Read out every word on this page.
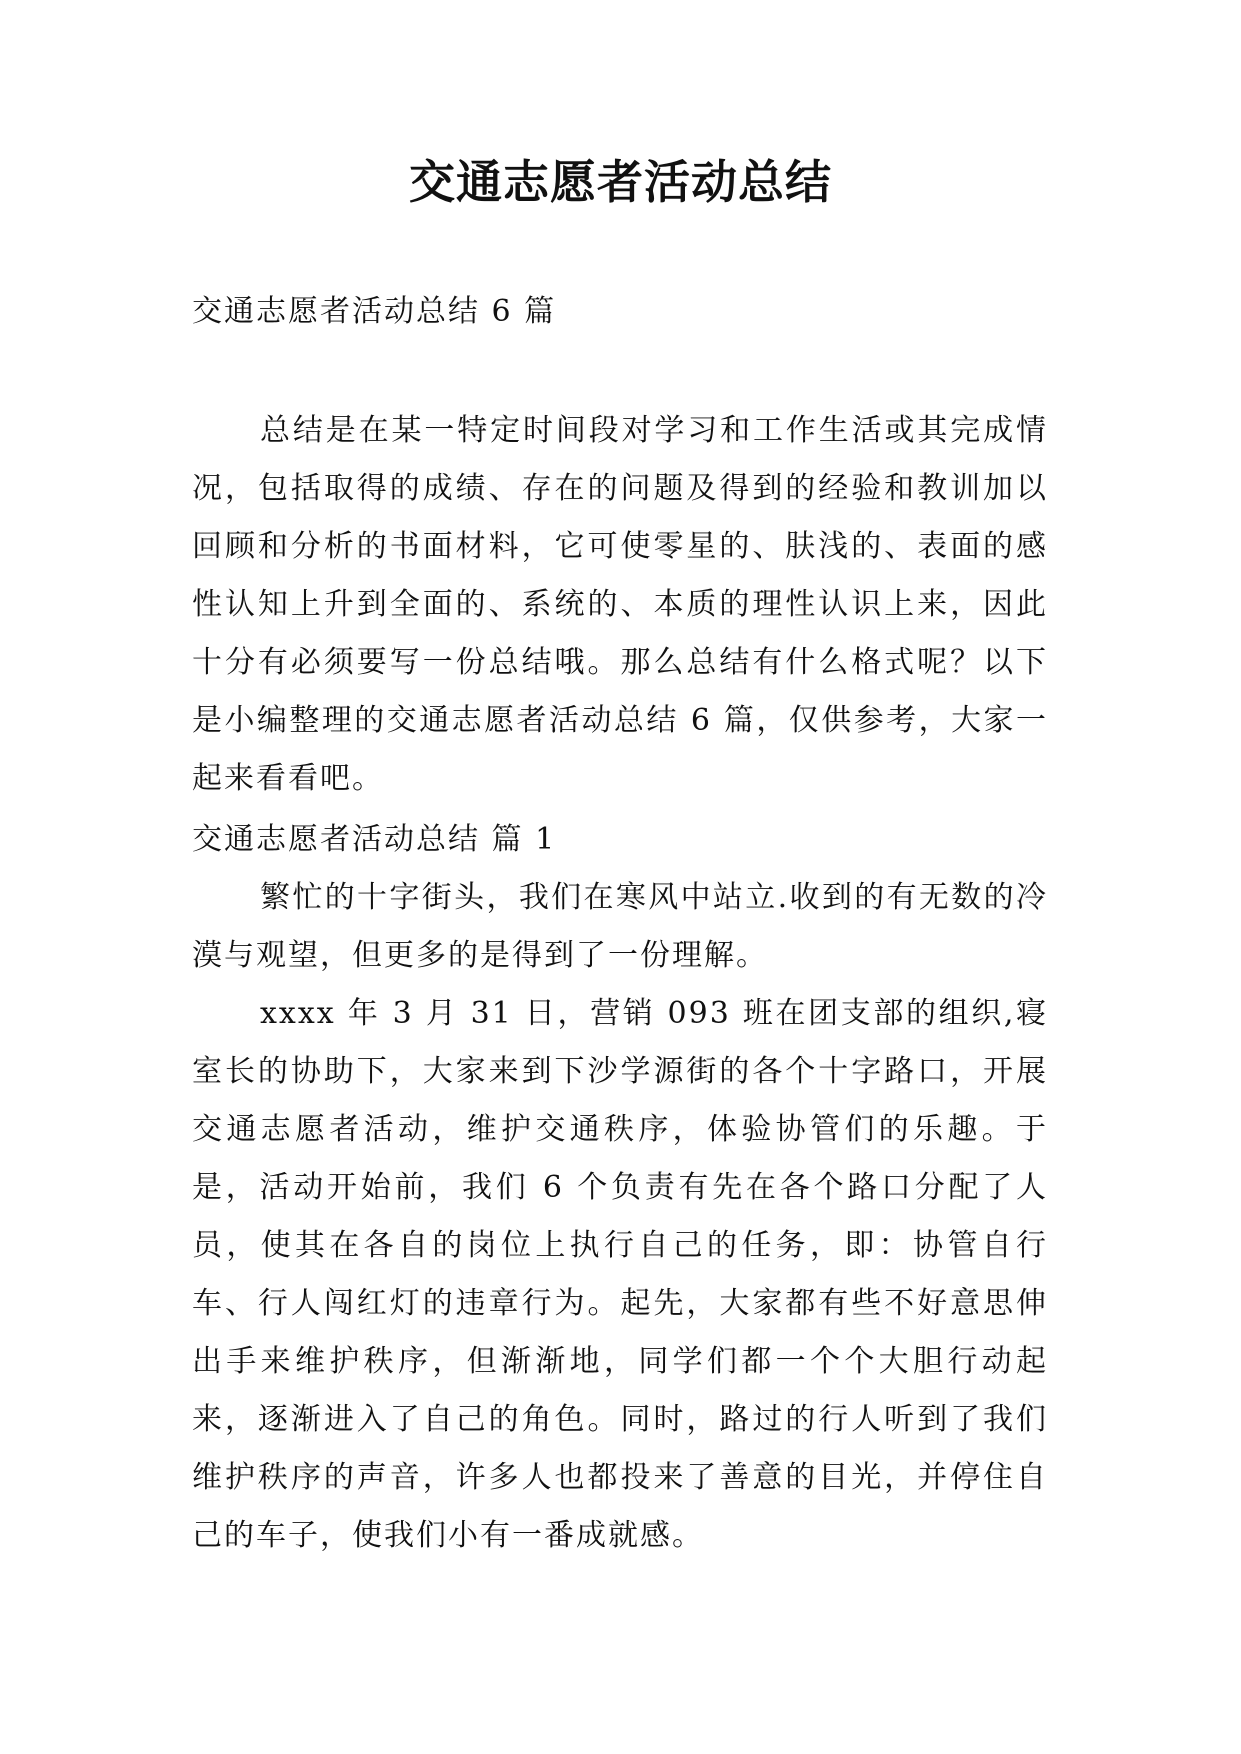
交通志愿者活动总结
交通志愿者活动总结 6 篇
总结是在某一特定时间段对学习和工作生活或其完成情况，包括取得的成绩、存在的问题及得到的经验和教训加以回顾和分析的书面材料，它可使零星的、肤浅的、表面的感性认知上升到全面的、系统的、本质的理性认识上来，因此十分有必须要写一份总结哦。那么总结有什么格式呢？以下是小编整理的交通志愿者活动总结 6 篇，仅供参考，大家一起来看看吧。
交通志愿者活动总结 篇 1
繁忙的十字街头，我们在寒风中站立.收到的有无数的冷漠与观望，但更多的是得到了一份理解。
xxxx 年 3 月 31 日，营销 093 班在团支部的组织,寝室长的协助下，大家来到下沙学源街的各个十字路口，开展交通志愿者活动，维护交通秩序，体验协管们的乐趣。于是，活动开始前，我们 6 个负责有先在各个路口分配了人员，使其在各自的岗位上执行自己的任务，即：协管自行车、行人闯红灯的违章行为。起先，大家都有些不好意思伸出手来维护秩序，但渐渐地，同学们都一个个大胆行动起来，逐渐进入了自己的角色。同时，路过的行人听到了我们维护秩序的声音，许多人也都投来了善意的目光，并停住自己的车子，使我们小有一番成就感。
